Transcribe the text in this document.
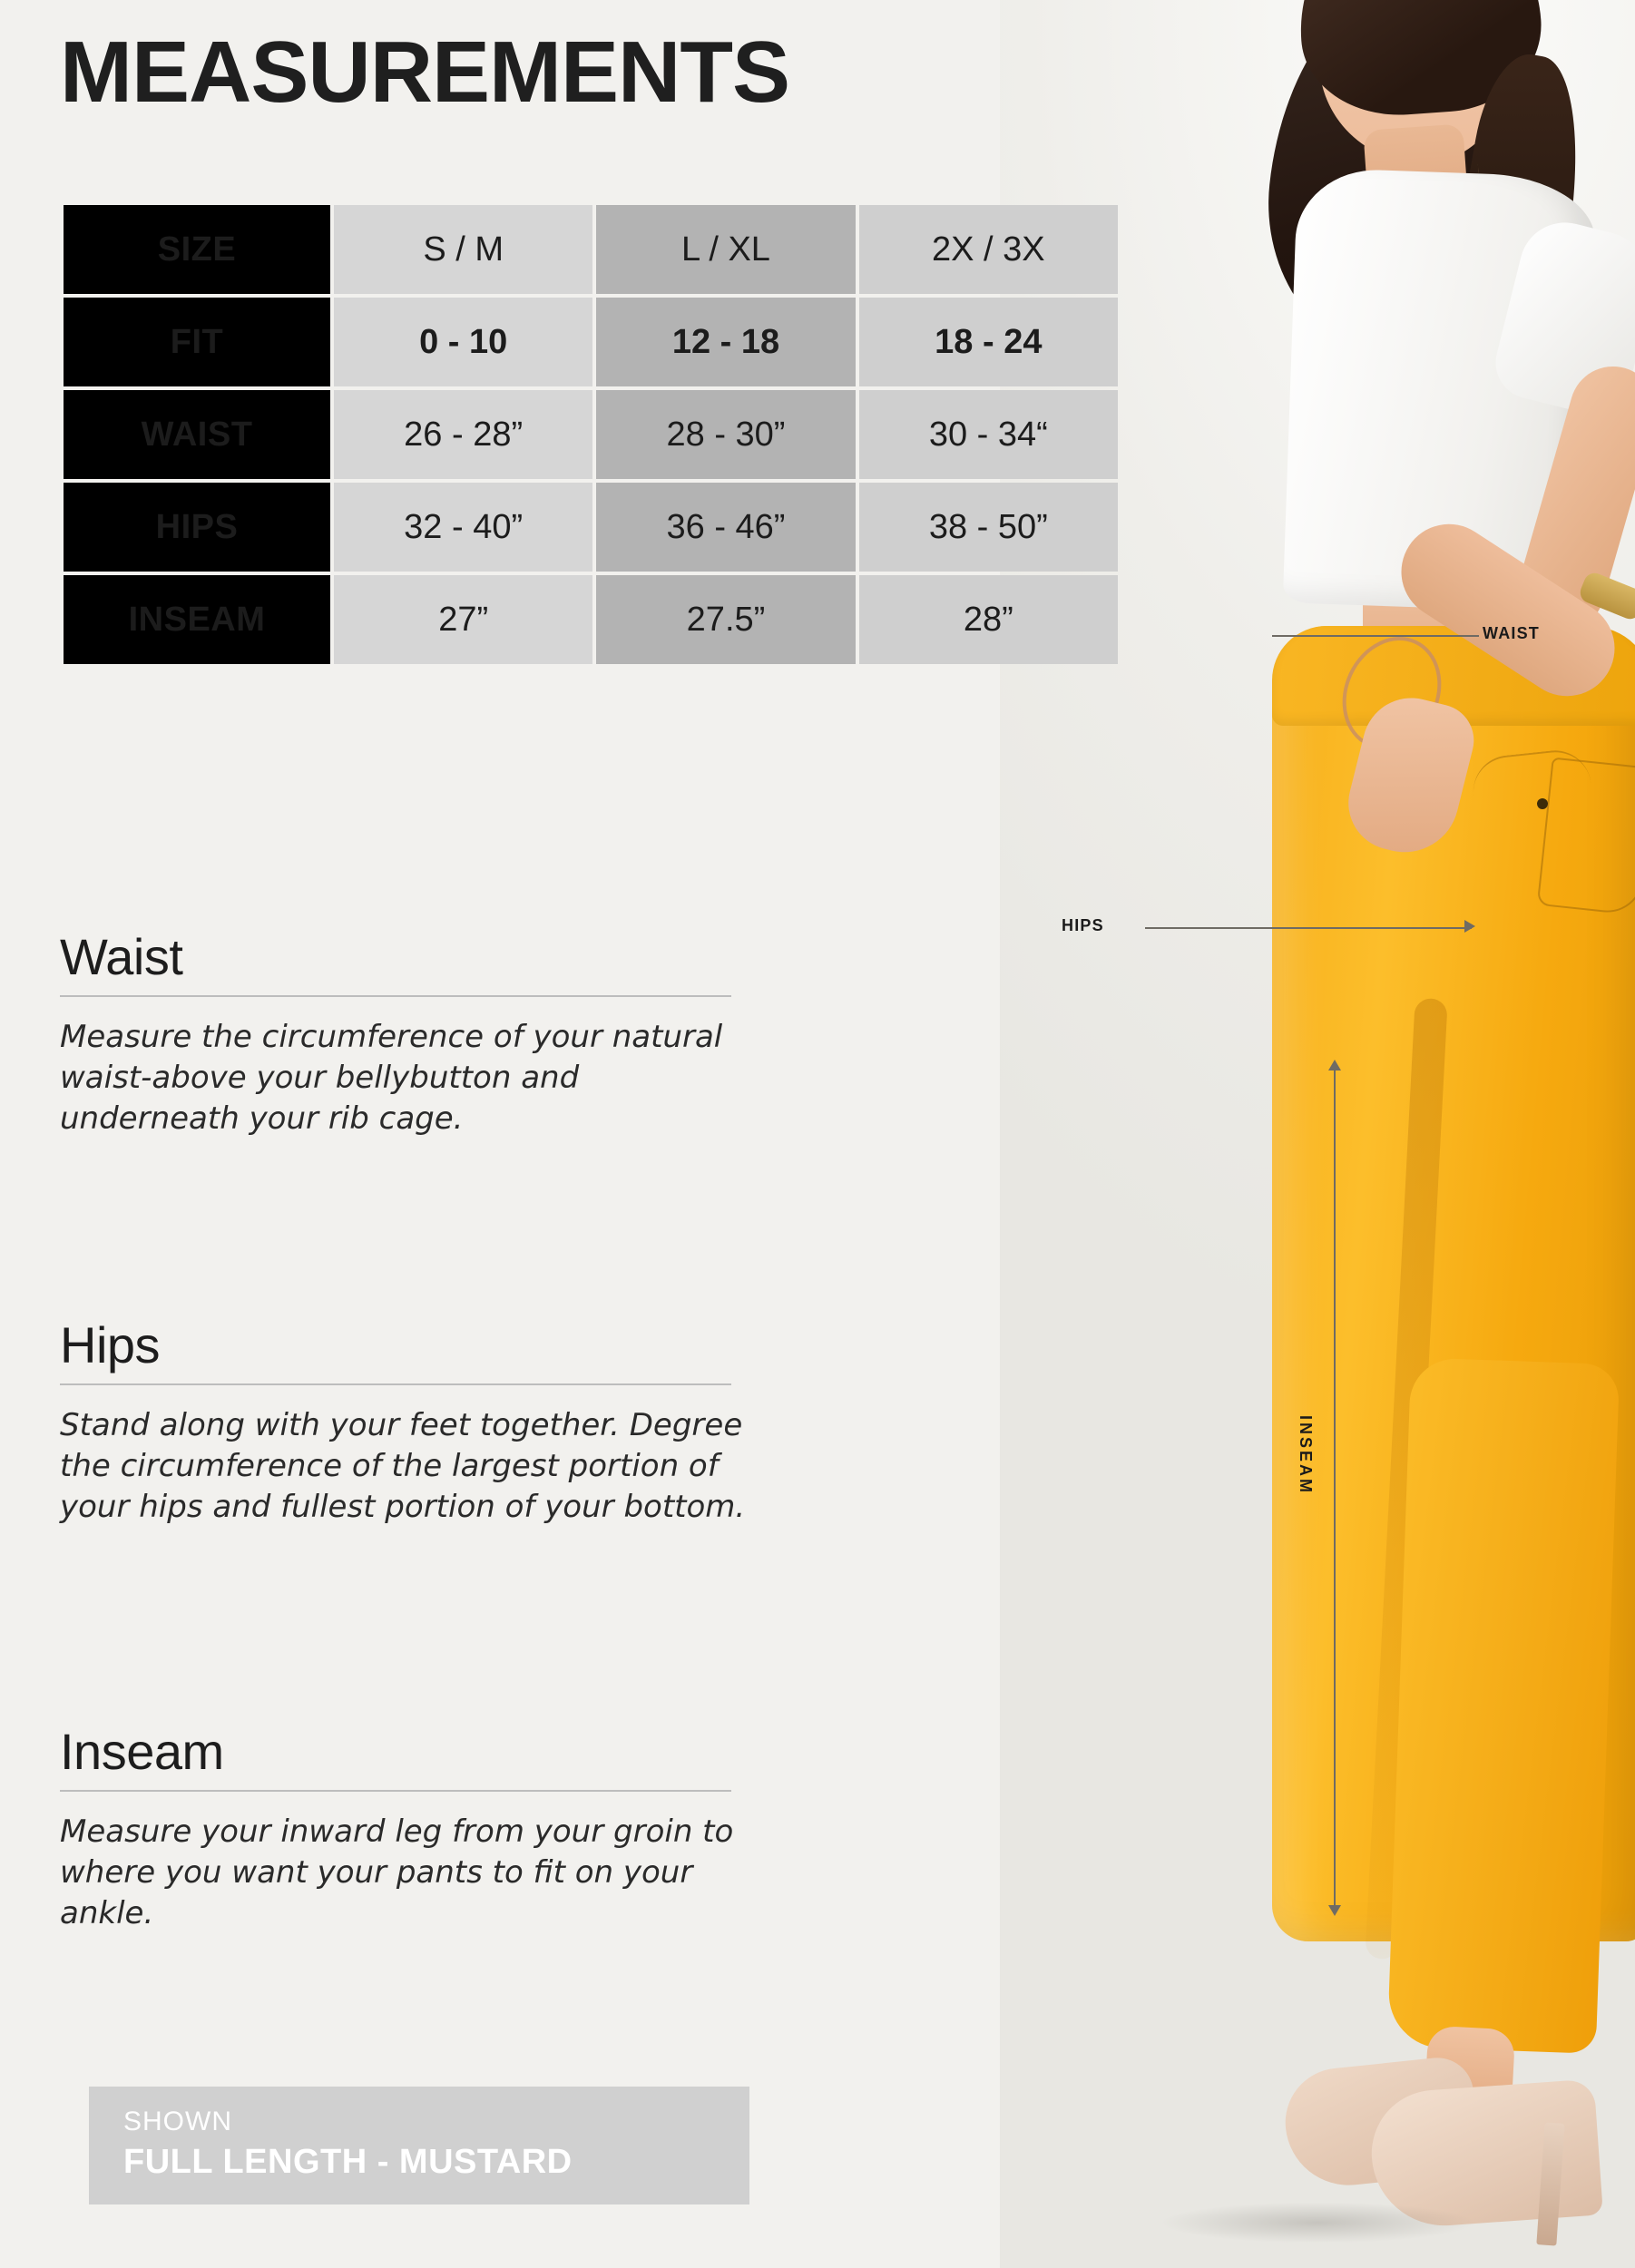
WAIST
HIPS
INSEAM
MEASUREMENTS
SIZE	S / M	L / XL	2X / 3X
FIT	0 - 10	12 - 18	18 - 24
WAIST	26 - 28”	28 - 30”	30 - 34“
HIPS	32 - 40”	36 - 46”	38 - 50”
INSEAM	27”	27.5”	28”
Waist

Measure the circumference of your natural waist-above your bellybutton and underneath your rib cage.

Hips

Stand along with your feet together. Degree the circumference of the largest portion of your hips and fullest portion of your bottom.

Inseam

Measure your inward leg from your groin to where you want your pants to fit on your ankle.

SHOWN
FULL LENGTH - MUSTARD
